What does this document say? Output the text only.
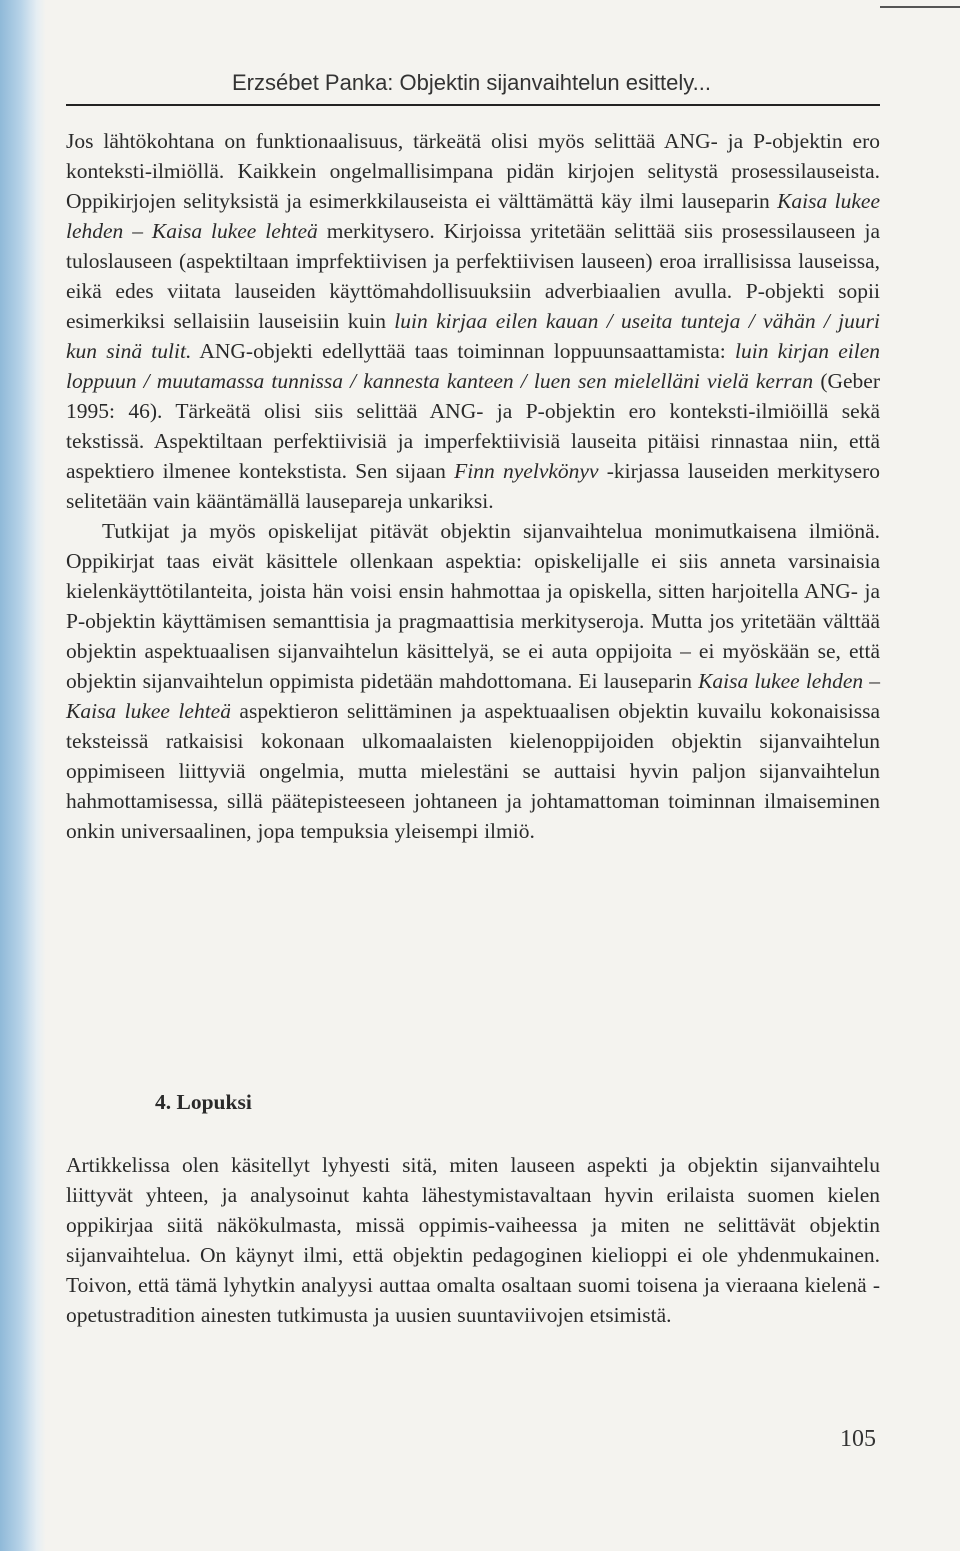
Erzsébet Panka: Objektin sijanvaihtelun esittely...

Jos lähtökohtana on funktionaalisuus, tärkeätä olisi myös selittää ANG- ja P-objektin ero konteksti-ilmiöllä. Kaikkein ongelmallisimpana pidän kirjojen selitystä prosessilauseista. Oppikirjojen selityksistä ja esimerkkilauseista ei välttämättä käy ilmi lauseparin Kaisa lukee lehden – Kaisa lukee lehteä merkitysero. Kirjoissa yritetään selittää siis prosessilauseen ja tuloslauseen (aspektiltaan imprfektiivisen ja perfektiivisen lauseen) eroa irrallisissa lauseissa, eikä edes viitata lauseiden käyttömahdollisuuksiin adverbiaalien avulla. P-objekti sopii esimerkiksi sellaisiin lauseisiin kuin luin kirjaa eilen kauan / useita tunteja / vähän / juuri kun sinä tulit. ANG-objekti edellyttää taas toiminnan loppuunsaattamista: luin kirjan eilen loppuun / muutamassa tunnissa / kannesta kanteen / luen sen mielelläni vielä kerran (Geber 1995: 46). Tärkeätä olisi siis selittää ANG- ja P-objektin ero konteksti-ilmiöillä sekä tekstissä. Aspektiltaan perfektiivisiä ja imperfektiivisiä lauseita pitäisi rinnastaa niin, että aspektiero ilmenee kontekstista. Sen sijaan Finn nyelvkönyv -kirjassa lauseiden merkitysero selitetään vain kääntämällä lausepareja unkariksi.

Tutkijat ja myös opiskelijat pitävät objektin sijanvaihtelua monimutkaisena ilmiönä. Oppikirjat taas eivät käsittele ollenkaan aspektia: opiskelijalle ei siis anneta varsinaisia kielenkäyttötilanteita, joista hän voisi ensin hahmottaa ja opiskella, sitten harjoitella ANG- ja P-objektin käyttämisen semanttisia ja pragmaattisia merkityseroja. Mutta jos yritetään välttää objektin aspektuaalisen sijanvaihtelun käsittelyä, se ei auta oppijoita – ei myöskään se, että objektin sijanvaihtelun oppimista pidetään mahdottomana. Ei lauseparin Kaisa lukee lehden – Kaisa lukee lehteä aspektieron selittäminen ja aspektuaalisen objektin kuvailu kokonaisissa teksteissä ratkaisisi kokonaan ulkomaalaisten kielenoppijoiden objektin sijanvaihtelun oppimiseen liittyviä ongelmia, mutta mielestäni se auttaisi hyvin paljon sijanvaihtelun hahmottamisessa, sillä päätepisteeseen johtaneen ja johtamattoman toiminnan ilmaiseminen onkin universaalinen, jopa tempuksia yleisempi ilmiö.

4. Lopuksi

Artikkelissa olen käsitellyt lyhyesti sitä, miten lauseen aspekti ja objektin sijanvaihtelu liittyvät yhteen, ja analysoinut kahta lähestymistavaltaan hyvin erilaista suomen kielen oppikirjaa siitä näkökulmasta, missä oppimis-vaiheessa ja miten ne selittävät objektin sijanvaihtelua. On käynyt ilmi, että objektin pedagoginen kielioppi ei ole yhdenmukainen. Toivon, että tämä lyhytkin analyysi auttaa omalta osaltaan suomi toisena ja vieraana kielenä -opetustradition ainesten tutkimusta ja uusien suuntaviivojen etsimistä.

105
